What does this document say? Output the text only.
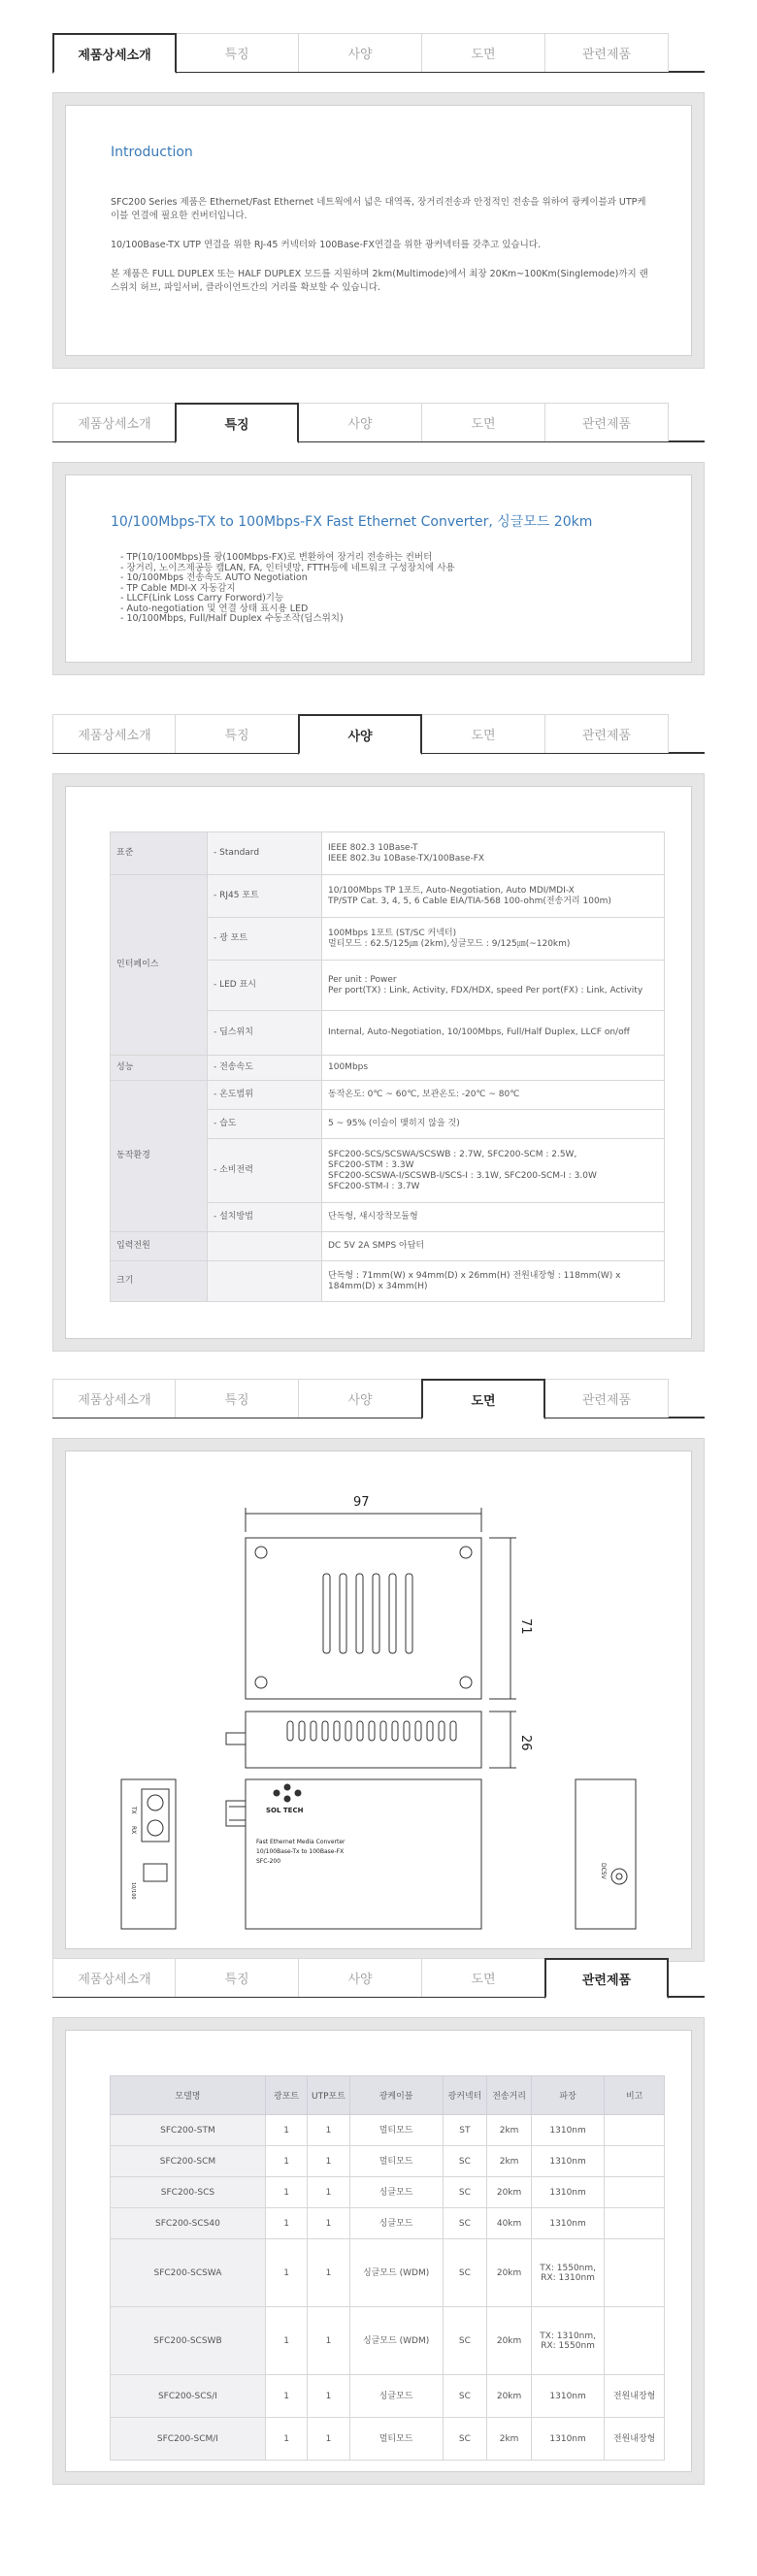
제품상세소개	특징	사양	도면	관련제품
Introduction

SFC200 Series 제품은 Ethernet/Fast Ethernet 네트웍에서 넓은 대역폭, 장거리전송과 안정적인 전송을 위하여 광케이블과 UTP케이블 연결에 필요한 컨버터입니다.

10/100Base-TX UTP 연결을 위한 RJ-45 커넥터와 100Base-FX연결을 위한 광커넥터를 갖추고 있습니다.

본 제품은 FULL DUPLEX 또는 HALF DUPLEX 모드를 지원하며 2km(Multimode)에서 최장 20Km~100Km(Singlemode)까지 랜 스위치 허브, 파일서버, 클라이언트간의 거리를 확보할 수 있습니다.

제품상세소개	특징	사양	도면	관련제품
10/100Mbps-TX to 100Mbps-FX Fast Ethernet Converter, 싱글모드 20km
- TP(10/100Mbps)를 광(100Mbps-FX)로 변환하여 장거리 전송하는 컨버터
- 장거리, 노이즈제공등 캠LAN, FA, 인터넷망, FTTH등에 네트워크 구성장치에 사용
- 10/100Mbps 전송속도 AUTO Negotiation
- TP Cable MDI-X 자동감지
- LLCF(Link Loss Carry Forword)기능
- Auto-negotiation 및 연결 상태 표시용 LED
- 10/100Mbps, Full/Half Duplex 수동조작(딥스위치)
제품상세소개	특징	사양	도면	관련제품
표준	- Standard	IEEE 802.3 10Base-T
IEEE 802.3u 10Base-TX/100Base-FX

인터페이스	- RJ45 포트	10/100Mbps TP 1포트, Auto-Negotiation, Auto MDI/MDI-X
TP/STP Cat. 3, 4, 5, 6 Cable EIA/TIA-568 100-ohm(전송거리 100m)

	- 광 포트	100Mbps 1포트 (ST/SC 커넥터)
멀티모드 : 62.5/125㎛ (2km),싱글모드 : 9/125㎛(~120km)

	- LED 표시	Per unit : Power
Per port(TX) : Link, Activity, FDX/HDX, speed Per port(FX) : Link, Activity

	- 딥스위치	Internal, Auto-Negotiation, 10/100Mbps, Full/Half Duplex, LLCF on/off
성능	- 전송속도	100Mbps
동작환경	- 온도범위	동작온도: 0℃ ~ 60℃, 보관온도: -20℃ ~ 80℃
	- 습도	5 ~ 95% (이슬이 맺히지 않을 것)
	- 소비전력	SFC200-SCS/SCSWA/SCSWB : 2.7W, SFC200-SCM : 2.5W,
SFC200-STM : 3.3W
SFC200-SCSWA-I/SCSWB-I/SCS-I : 3.1W, SFC200-SCM-I : 3.0W
SFC200-STM-I : 3.7W

	- 설치방법	단독형, 섀시장착모듈형
입력전원		DC 5V 2A SMPS 아답터
크기		단독형 : 71mm(W) x 94mm(D) x 26mm(H) 전원내장형 : 118mm(W) x
184mm(D) x 34mm(H)
제품상세소개	특징	사양	도면	관련제품
97
71
26
SOL TECH
Fast Ethernet Media Converter
10/100Base-Tx to 100Base-FX
SFC-200
TX
RX
10/100
DC5V
제품상세소개	특징	사양	도면	관련제품
모델명	광포트	UTP포트	광케이블	광커넥터	전송거리	파장	비고
SFC200-STM	1	1	멀티모드	ST	2km	1310nm	
SFC200-SCM	1	1	멀티모드	SC	2km	1310nm	
SFC200-SCS	1	1	싱글모드	SC	20km	1310nm	
SFC200-SCS40	1	1	싱글모드	SC	40km	1310nm	
SFC200-SCSWA	1	1	싱글모드 (WDM)	SC	20km	TX: 1550nm, RX: 1310nm	
SFC200-SCSWB	1	1	싱글모드 (WDM)	SC	20km	TX: 1310nm, RX: 1550nm	
SFC200-SCS/I	1	1	싱글모드	SC	20km	1310nm	전원내장형
SFC200-SCM/I	1	1	멀티모드	SC	2km	1310nm	전원내장형
